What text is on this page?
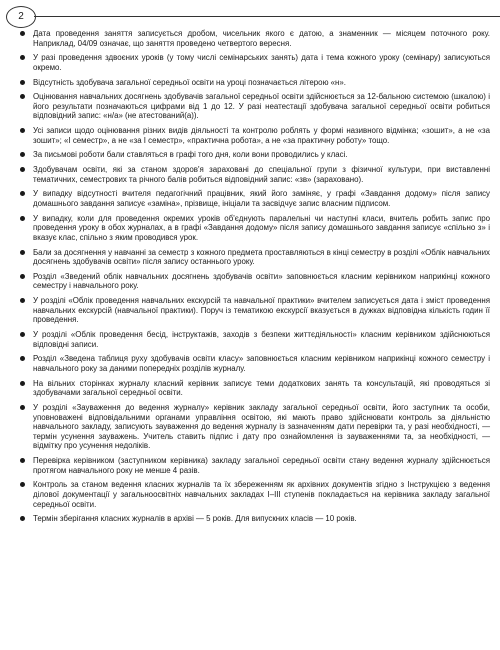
2
Дата проведення заняття записується дробом, чисельник якого є датою, а знаменник — місяцем поточного року. Наприклад, 04/09 означає, що заняття проведено четвертого вересня.
У разі проведення здвоєних уроків (у тому числі семінарських занять) дата і тема кожного уроку (семінару) записуються окремо.
Відсутність здобувача загальної середньої освіти на уроці позначається літерою «н».
Оцінювання навчальних досягнень здобувачів загальної середньої освіти здійснюється за 12-бальною системою (шкалою) і його результати позначаються цифрами від 1 до 12. У разі неатестації здобувача загальної середньої освіти робиться відповідний запис: «н/а» (не атестований(а)).
Усі записи щодо оцінювання різних видів діяльності та контролю роблять у формі називного відмінка; «зошит», а не «за зошит»; «І семестр», а не «за І семестр», «практична робота», а не «за практичну роботу» тощо.
За письмові роботи бали ставляться в графі того дня, коли вони проводились у класі.
Здобувачам освіти, які за станом здоров'я зараховані до спеціальної групи з фізичної культури, при виставленні тематичних, семестрових та річного балів робиться відповідний запис: «зв» (зараховано).
У випадку відсутності вчителя педагогічний працівник, який його заміняє, у графі «Завдання додому» після запису домашнього завдання записує «заміна», прізвище, ініціали та засвідчує запис власним підписом.
У випадку, коли для проведення окремих уроків об'єднують паралельні чи наступні класи, вчитель робить запис про проведення уроку в обох журналах, а в графі «Завдання додому» після запису домашнього завдання записує «спільно з» і вказує клас, спільно з яким проводився урок.
Бали за досягнення у навчанні за семестр з кожного предмета проставляються в кінці семестру в розділі «Облік навчальних досягнень здобувачів освіти» після запису останнього уроку.
Розділ «Зведений облік навчальних досягнень здобувачів освіти» заповнюється класним керівником наприкінці кожного семестру і навчального року.
У розділі «Облік проведення навчальних екскурсій та навчальної практики» вчителем записується дата і зміст проведення навчальних екскурсій (навчальної практики). Поруч із тематикою екскурсії вказується в дужках відповідна кількість годин її проведення.
У розділі «Облік проведення бесід, інструктажів, заходів з безпеки життєдіяльності» класним керівником здійснюються відповідні записи.
Розділ «Зведена таблиця руху здобувачів освіти класу» заповнюється класним керівником наприкінці кожного семестру і навчального року за даними попередніх розділів журналу.
На вільних сторінках журналу класний керівник записує теми додаткових занять та консультацій, які проводяться зі здобувачами загальної середньої освіти.
У розділі «Зауваження до ведення журналу» керівник закладу загальної середньої освіти, його заступник та особи, уповноважені відповідальними органами управління освітою, які мають право здійснювати контроль за діяльністю навчального закладу, записують зауваження до ведення журналу із зазначенням дати перевірки та, у разі необхідності, — термін усунення зауважень. Учитель ставить підпис і дату про ознайомлення із зауваженнями та, за необхідності, — відмітку про усунення недоліків.
Перевірка керівником (заступником керівника) закладу загальної середньої освіти стану ведення журналу здійснюється протягом навчального року не менше 4 разів.
Контроль за станом ведення класних журналів та їх збереженням як архівних документів згідно з Інструкцією з ведення ділової документації у загальноосвітніх навчальних закладах І–ІІІ ступенів покладається на керівника закладу загальної середньої освіти.
Термін зберігання класних журналів в архіві — 5 років. Для випускних класів — 10 років.
